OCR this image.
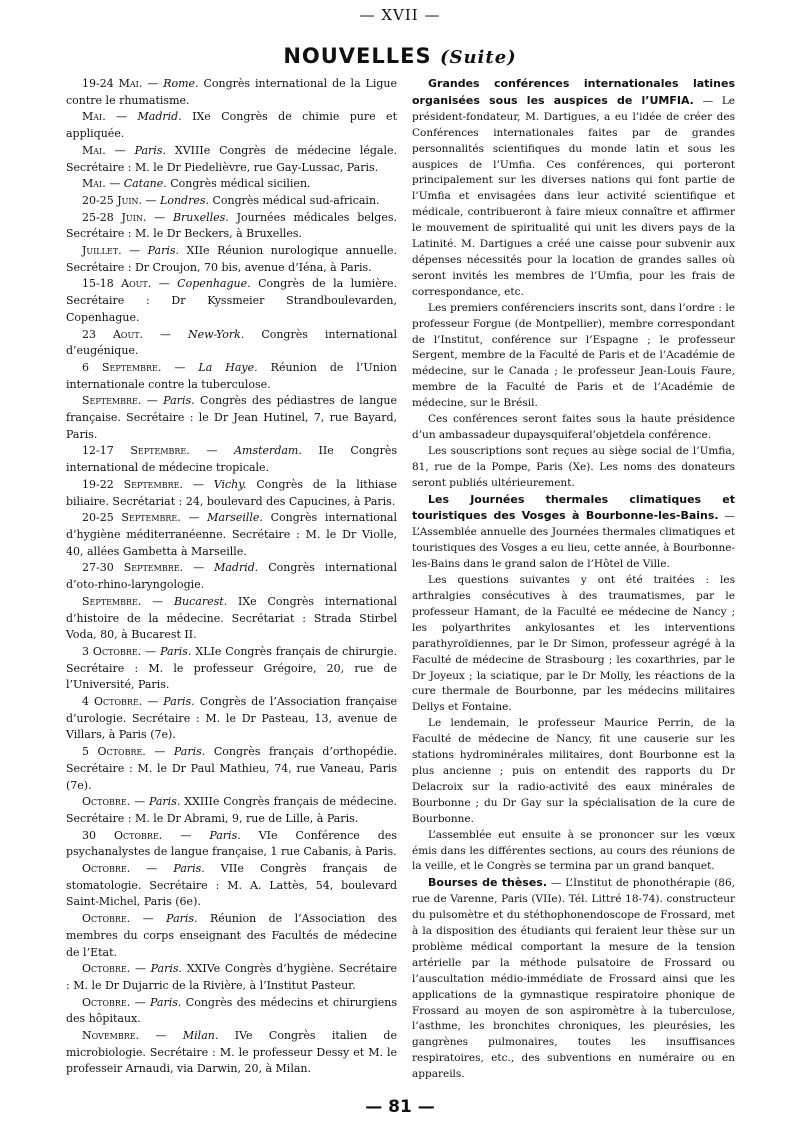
— XVII —
NOUVELLES (Suite)

19-24 Mai. — Rome. Congrès international de la Ligue contre le rhumatisme.

Mai. — Madrid. IXe Congrès de chimie pure et appliquée.

Mai. — Paris. XVIIIe Congrès de médecine légale. Secrétaire : M. le Dr Piedelièvre, rue Gay-Lussac, Paris.

Mai. — Catane. Congrès médical sicilien.

20-25 Juin. — Londres. Congrès médical sud-africain.

25-28 Juin. — Bruxelles. Journées médicales belges. Secrétaire : M. le Dr Beckers, à Bruxelles.

Juillet. — Paris. XIIe Réunion nurologique annuelle. Secrétaire : Dr Croujon, 70 bis, avenue d’Iéna, à Paris.

15-18 Aout. — Copenhague. Congrès de la lumière. Secrétaire : Dr Kyssmeier Strandboulevarden, Copenhague.

23 Aout. — New-York. Congrès international d’eugénique.

6 Septembre. — La Haye. Réunion de l’Union internationale contre la tuberculose.

Septembre. — Paris. Congrès des pédiastres de langue française. Secrétaire : le Dr Jean Hutinel, 7, rue Bayard, Paris.

12-17 Septembre. — Amsterdam. IIe Congrès international de médecine tropicale.

19-22 Septembre. — Vichy. Congrès de la lithiase biliaire. Secrétariat : 24, boulevard des Capucines, à Paris.

20-25 Septembre. — Marseille. Congrès international d’hygiène méditerranéenne. Secrétaire : M. le Dr Violle, 40, allées Gambetta à Marseille.

27-30 Septembre. — Madrid. Congrès international d’oto-rhino-laryngologie.

Septembre. — Bucarest. IXe Congrès international d’histoire de la médecine. Secrétariat : Strada Stirbel Voda, 80, à Bucarest II.

3 Octobre. — Paris. XLIe Congrès français de chirurgie. Secrétaire : M. le professeur Grégoire, 20, rue de l’Université, Paris.

4 Octobre. — Paris. Congrès de l’Association française d’urologie. Secrétaire : M. le Dr Pasteau, 13, avenue de Villars, à Paris (7e).

5 Octobre. — Paris. Congrès français d’orthopédie. Secrétaire : M. le Dr Paul Mathieu, 74, rue Vaneau, Paris (7e).

Octobre. — Paris. XXIIIe Congrès français de médecine. Secrétaire : M. le Dr Abrami, 9, rue de Lille, à Paris.

30 Octobre. — Paris. VIe Conférence des psychanalystes de langue française, 1 rue Cabanis, à Paris.

Octobre. — Paris. VIIe Congrès français de stomatologie. Secrétaire : M. A. Lattès, 54, boulevard Saint-Michel, Paris (6e).

Octobre. — Paris. Réunion de l’Association des membres du corps enseignant des Facultés de médecine de l’Etat.

Octobre. — Paris. XXIVe Congrès d’hygiène. Secrétaire : M. le Dr Dujarric de la Rivière, à l’Institut Pasteur.

Octobre. — Paris. Congrès des médecins et chirurgiens des hôpitaux.

Novembre. — Milan. IVe Congrès italien de microbiologie. Secrétaire : M. le professeur Dessy et M. le professeir Arnaudi, via Darwin, 20, à Milan.

Grandes conférences internationales latines organisées sous les auspices de l’UMFIA. — Le président-fondateur, M. Dartigues, a eu l’idée de créer des Conférences internationales faites par de grandes personnalités scientifiques du monde latin et sous les auspices de l’Umfia. Ces conférences, qui porteront principalement sur les diverses nations qui font partie de l’Umfia et envisagées dans leur activité scientifique et médicale, contribueront à faire mieux connaître et affirmer le mouvement de spiritualité qui unit les divers pays de la Latinité. M. Dartigues a créé une caisse pour subvenir aux dépenses nécessités pour la location de grandes salles où seront invités les membres de l’Umfia, pour les frais de correspondance, etc.

Les premiers conférenciers inscrits sont, dans l’ordre : le professeur Forgue (de Montpellier), membre correspondant de l’Institut, conférence sur l’Espagne ; le professeur Sergent, membre de la Faculté de Paris et de l’Académie de médecine, sur le Canada ; le professeur Jean-Louis Faure, membre de la Faculté de Paris et de l’Académie de médecine, sur le Brésil.

Ces conférences seront faites sous la haute présidence d’un ambassadeur dupaysquiferal’objetdela conférence.

Les souscriptions sont reçues au siège social de l’Umfia, 81, rue de la Pompe, Paris (Xe). Les noms des donateurs seront publiés ultérieurement.

Les Journées thermales climatiques et touristiques des Vosges à Bourbonne-les-Bains. — L’Assemblée annuelle des Journées thermales climatiques et touristiques des Vosges a eu lieu, cette année, à Bourbonne-les-Bains dans le grand salon de l’Hôtel de Ville.

Les questions suivantes y ont été traitées : les arthralgies consécutives à des traumatismes, par le professeur Hamant, de la Faculté ee médecine de Nancy ; les polyarthrites ankylosantes et les interventions parathyroïdiennes, par le Dr Simon, professeur agrégé à la Faculté de médecine de Strasbourg ; les coxarthries, par le Dr Joyeux ; la sciatique, par le Dr Molly, les réactions de la cure thermale de Bourbonne, par les médecins militaires Dellys et Fontaine.

Le lendemain, le professeur Maurice Perrin, de la Faculté de médecine de Nancy, fit une causerie sur les stations hydrominérales militaires, dont Bourbonne est la plus ancienne ; puis on entendit des rapports du Dr Delacroix sur la radio-activité des eaux minérales de Bourbonne ; du Dr Gay sur la spécialisation de la cure de Bourbonne.

L’assemblée eut ensuite à se prononcer sur les vœux émis dans les différentes sections, au cours des réunions de la veille, et le Congrès se termina par un grand banquet.

Bourses de thèses. — L’Institut de phonothérapie (86, rue de Varenne, Paris (VIIe). Tél. Littré 18-74). constructeur du pulsomètre et du stéthophonendoscope de Frossard, met à la disposition des étudiants qui feraient leur thèse sur un problème médical comportant la mesure de la tension artérielle par la méthode pulsatoire de Frossard ou l’auscultation médio-immédiate de Frossard ainsi que les applications de la gymnastique respiratoire phonique de Frossard au moyen de son aspiromètre à la tuberculose, l’asthme, les bronchites chroniques, les pleurésies, les gangrènes pulmonaires, toutes les insuffisances respiratoires, etc., des subventions en numéraire ou en appareils.

— 81 —
